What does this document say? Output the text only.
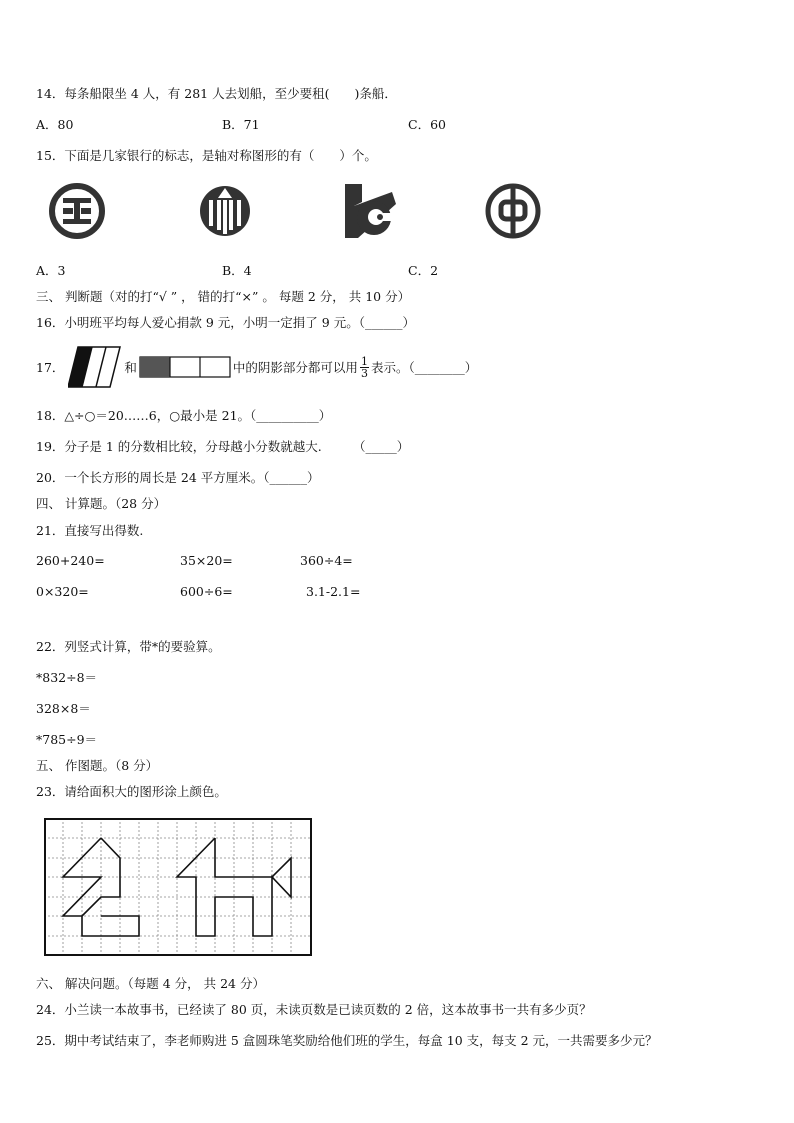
14．每条船限坐 4 人，有 281 人去划船，至少要租(　　)条船．
A．80	B．71	C．60
15．下面是几家银行的标志，是轴对称图形的有（　　）个。
A．3	B．4	C．2
三、 判断题（对的打“√ ” ， 错的打“×” 。 每题 2 分， 共 10 分）
16．小明班平均每人爱心捐款 9 元，小明一定捐了 9 元。（______）
17．	和	中的阴影部分都可以用 $\frac{1}{3}$ 表示。（________）
18．△÷○＝20……6，○最小是 21。（__________）
19．分子是 1 的分数相比较，分母越小分数就越大.　　　（_____）
20．一个长方形的周长是 24 平方厘米。（______）
四、 计算题。（28 分）
21．直接写出得数.
260+240=	35×20=	360÷4=
0×320=	600÷6=	3.1-2.1=
22．列竖式计算，带*的要验算。
*832÷8＝
328×8＝
*785÷9＝
五、 作图题。（8 分）
23．请给面积大的图形涂上颜色。
六、 解决问题。（每题 4 分， 共 24 分）
24．小兰读一本故事书，已经读了 80 页，未读页数是已读页数的 2 倍，这本故事书一共有多少页？
25．期中考试结束了，李老师购进 5 盒圆珠笔奖励给他们班的学生，每盒 10 支，每支 2 元，一共需要多少元？
